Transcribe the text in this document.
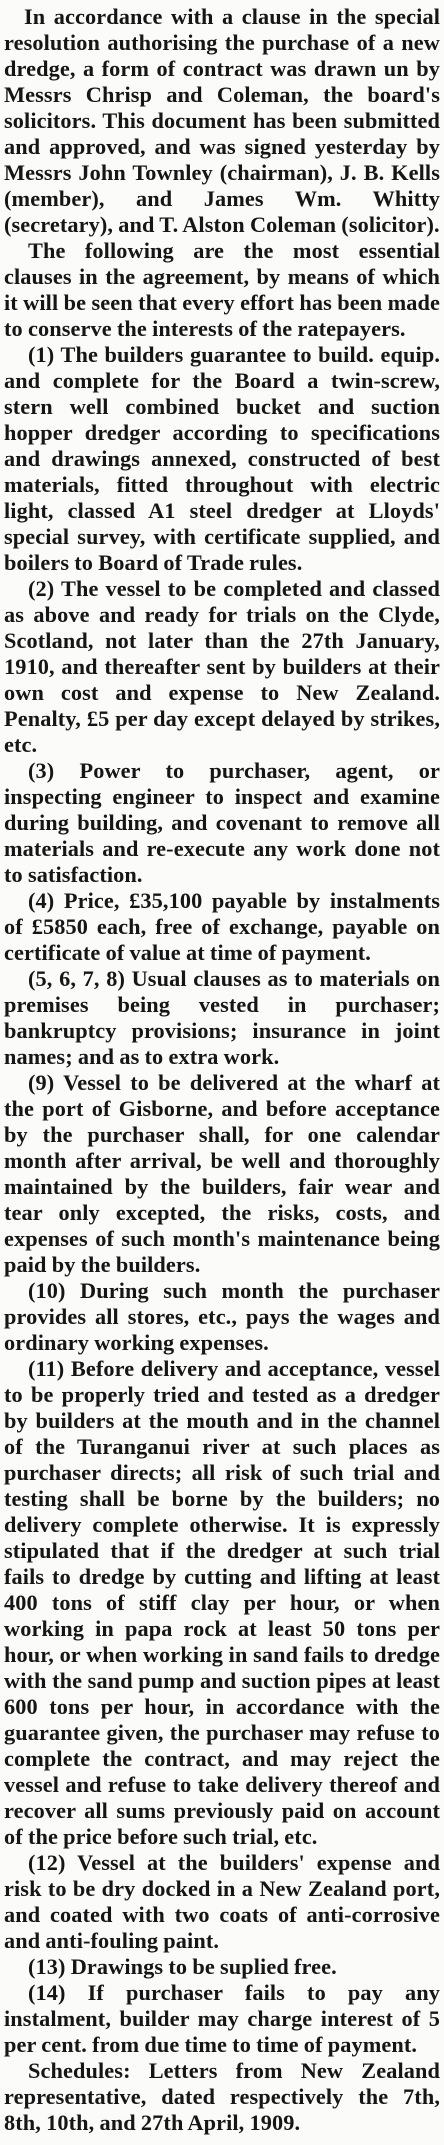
In accordance with a clause in the special resolution authorising the purchase of a new dredge, a form of contract was drawn un by Messrs Chrisp and Coleman, the board's solicitors. This document has been submitted and approved, and was signed yesterday by Messrs John Townley (chairman), J. B. Kells (member), and James Wm. Whitty (secretary), and T. Alston Coleman (solicitor).

The following are the most essential clauses in the agreement, by means of which it will be seen that every effort has been made to conserve the interests of the ratepayers.

(1) The builders guarantee to build. equip. and complete for the Board a twin-screw, stern well combined bucket and suction hopper dredger according to specifications and drawings annexed, constructed of best materials, fitted throughout with electric light, classed A1 steel dredger at Lloyds' special survey, with certificate supplied, and boilers to Board of Trade rules.

(2) The vessel to be completed and classed as above and ready for trials on the Clyde, Scotland, not later than the 27th January, 1910, and thereafter sent by builders at their own cost and expense to New Zealand. Penalty, £5 per day except delayed by strikes, etc.

(3) Power to purchaser, agent, or inspecting engineer to inspect and examine during building, and covenant to remove all materials and re-execute any work done not to satisfaction.

(4) Price, £35,100 payable by instalments of £5850 each, free of exchange, payable on certificate of value at time of payment.

(5, 6, 7, 8) Usual clauses as to materials on premises being vested in purchaser; bankruptcy provisions; insurance in joint names; and as to extra work.

(9) Vessel to be delivered at the wharf at the port of Gisborne, and before acceptance by the purchaser shall, for one calendar month after arrival, be well and thoroughly maintained by the builders, fair wear and tear only excepted, the risks, costs, and expenses of such month's maintenance being paid by the builders.

(10) During such month the purchaser provides all stores, etc., pays the wages and ordinary working expenses.

(11) Before delivery and acceptance, vessel to be properly tried and tested as a dredger by builders at the mouth and in the channel of the Turanganui river at such places as purchaser directs; all risk of such trial and testing shall be borne by the builders; no delivery complete otherwise. It is expressly stipulated that if the dredger at such trial fails to dredge by cutting and lifting at least 400 tons of stiff clay per hour, or when working in papa rock at least 50 tons per hour, or when working in sand fails to dredge with the sand pump and suction pipes at least 600 tons per hour, in accordance with the guarantee given, the purchaser may refuse to complete the contract, and may reject the vessel and refuse to take delivery thereof and recover all sums previously paid on account of the price before such trial, etc.

(12) Vessel at the builders' expense and risk to be dry docked in a New Zealand port, and coated with two coats of anti-corrosive and anti-fouling paint.

(13) Drawings to be suplied free.

(14) If purchaser fails to pay any instalment, builder may charge interest of 5 per cent. from due time to time of payment.

Schedules: Letters from New Zealand representative, dated respectively the 7th, 8th, 10th, and 27th April, 1909.
